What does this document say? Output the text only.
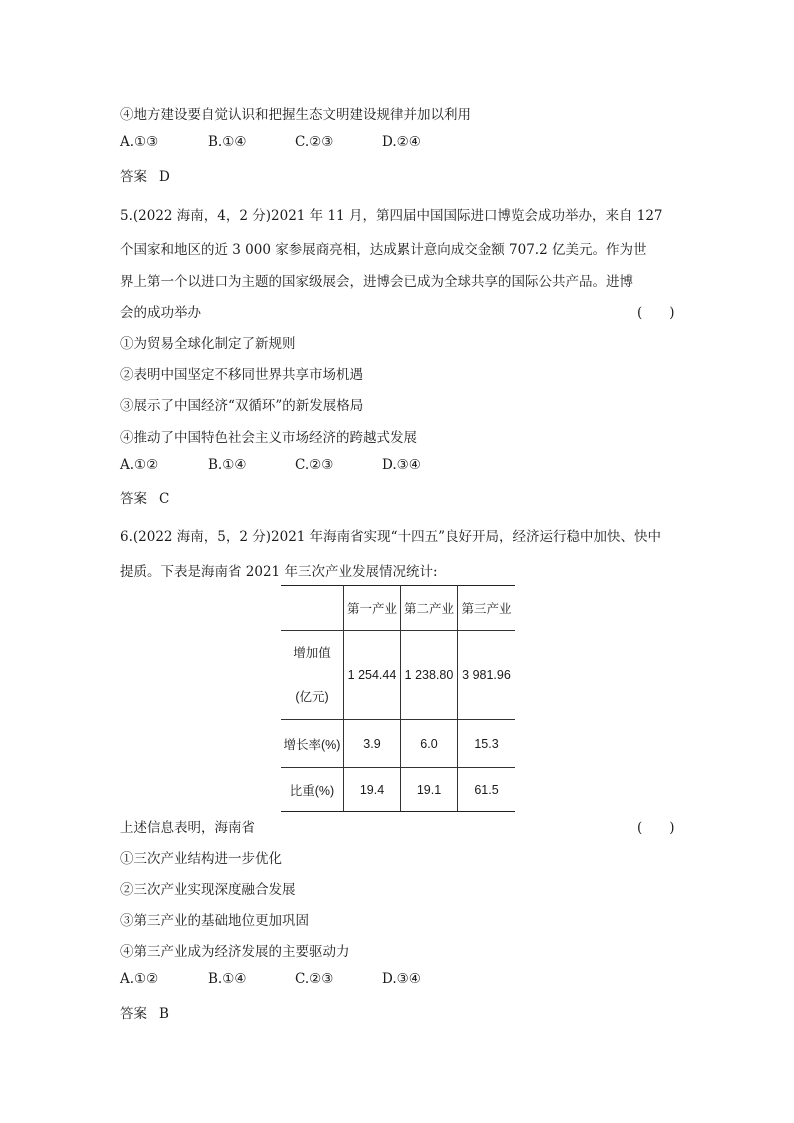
④地方建设要自觉认识和把握生态文明建设规律并加以利用
A.①③	B.①④	C.②③	D.②④
答案 D
5.(2022 海南，4，2 分)2021 年 11 月，第四届中国国际进口博览会成功举办，来自 127
个国家和地区的近 3 000 家参展商亮相，达成累计意向成交金额 707.2 亿美元。作为世
界上第一个以进口为主题的国家级展会，进博会已成为全球共享的国际公共产品。进博
会的成功举办	(　　)
①为贸易全球化制定了新规则
②表明中国坚定不移同世界共享市场机遇
③展示了中国经济“双循环”的新发展格局
④推动了中国特色社会主义市场经济的跨越式发展
A.①②	B.①④	C.②③	D.③④
答案 C
6.(2022 海南，5，2 分)2021 年海南省实现“十四五”良好开局，经济运行稳中加快、快中
提质。下表是海南省 2021 年三次产业发展情况统计:
	第一产业	第二产业	第三产业

增加值
(亿元)	1 254.44	1 238.80	3 981.96
增长率(%)	3.9	6.0	15.3
比重(%)	19.4	19.1	61.5
上述信息表明，海南省	(　　)
①三次产业结构进一步优化
②三次产业实现深度融合发展
③第三产业的基础地位更加巩固
④第三产业成为经济发展的主要驱动力
A.①②	B.①④	C.②③	D.③④
答案 B
